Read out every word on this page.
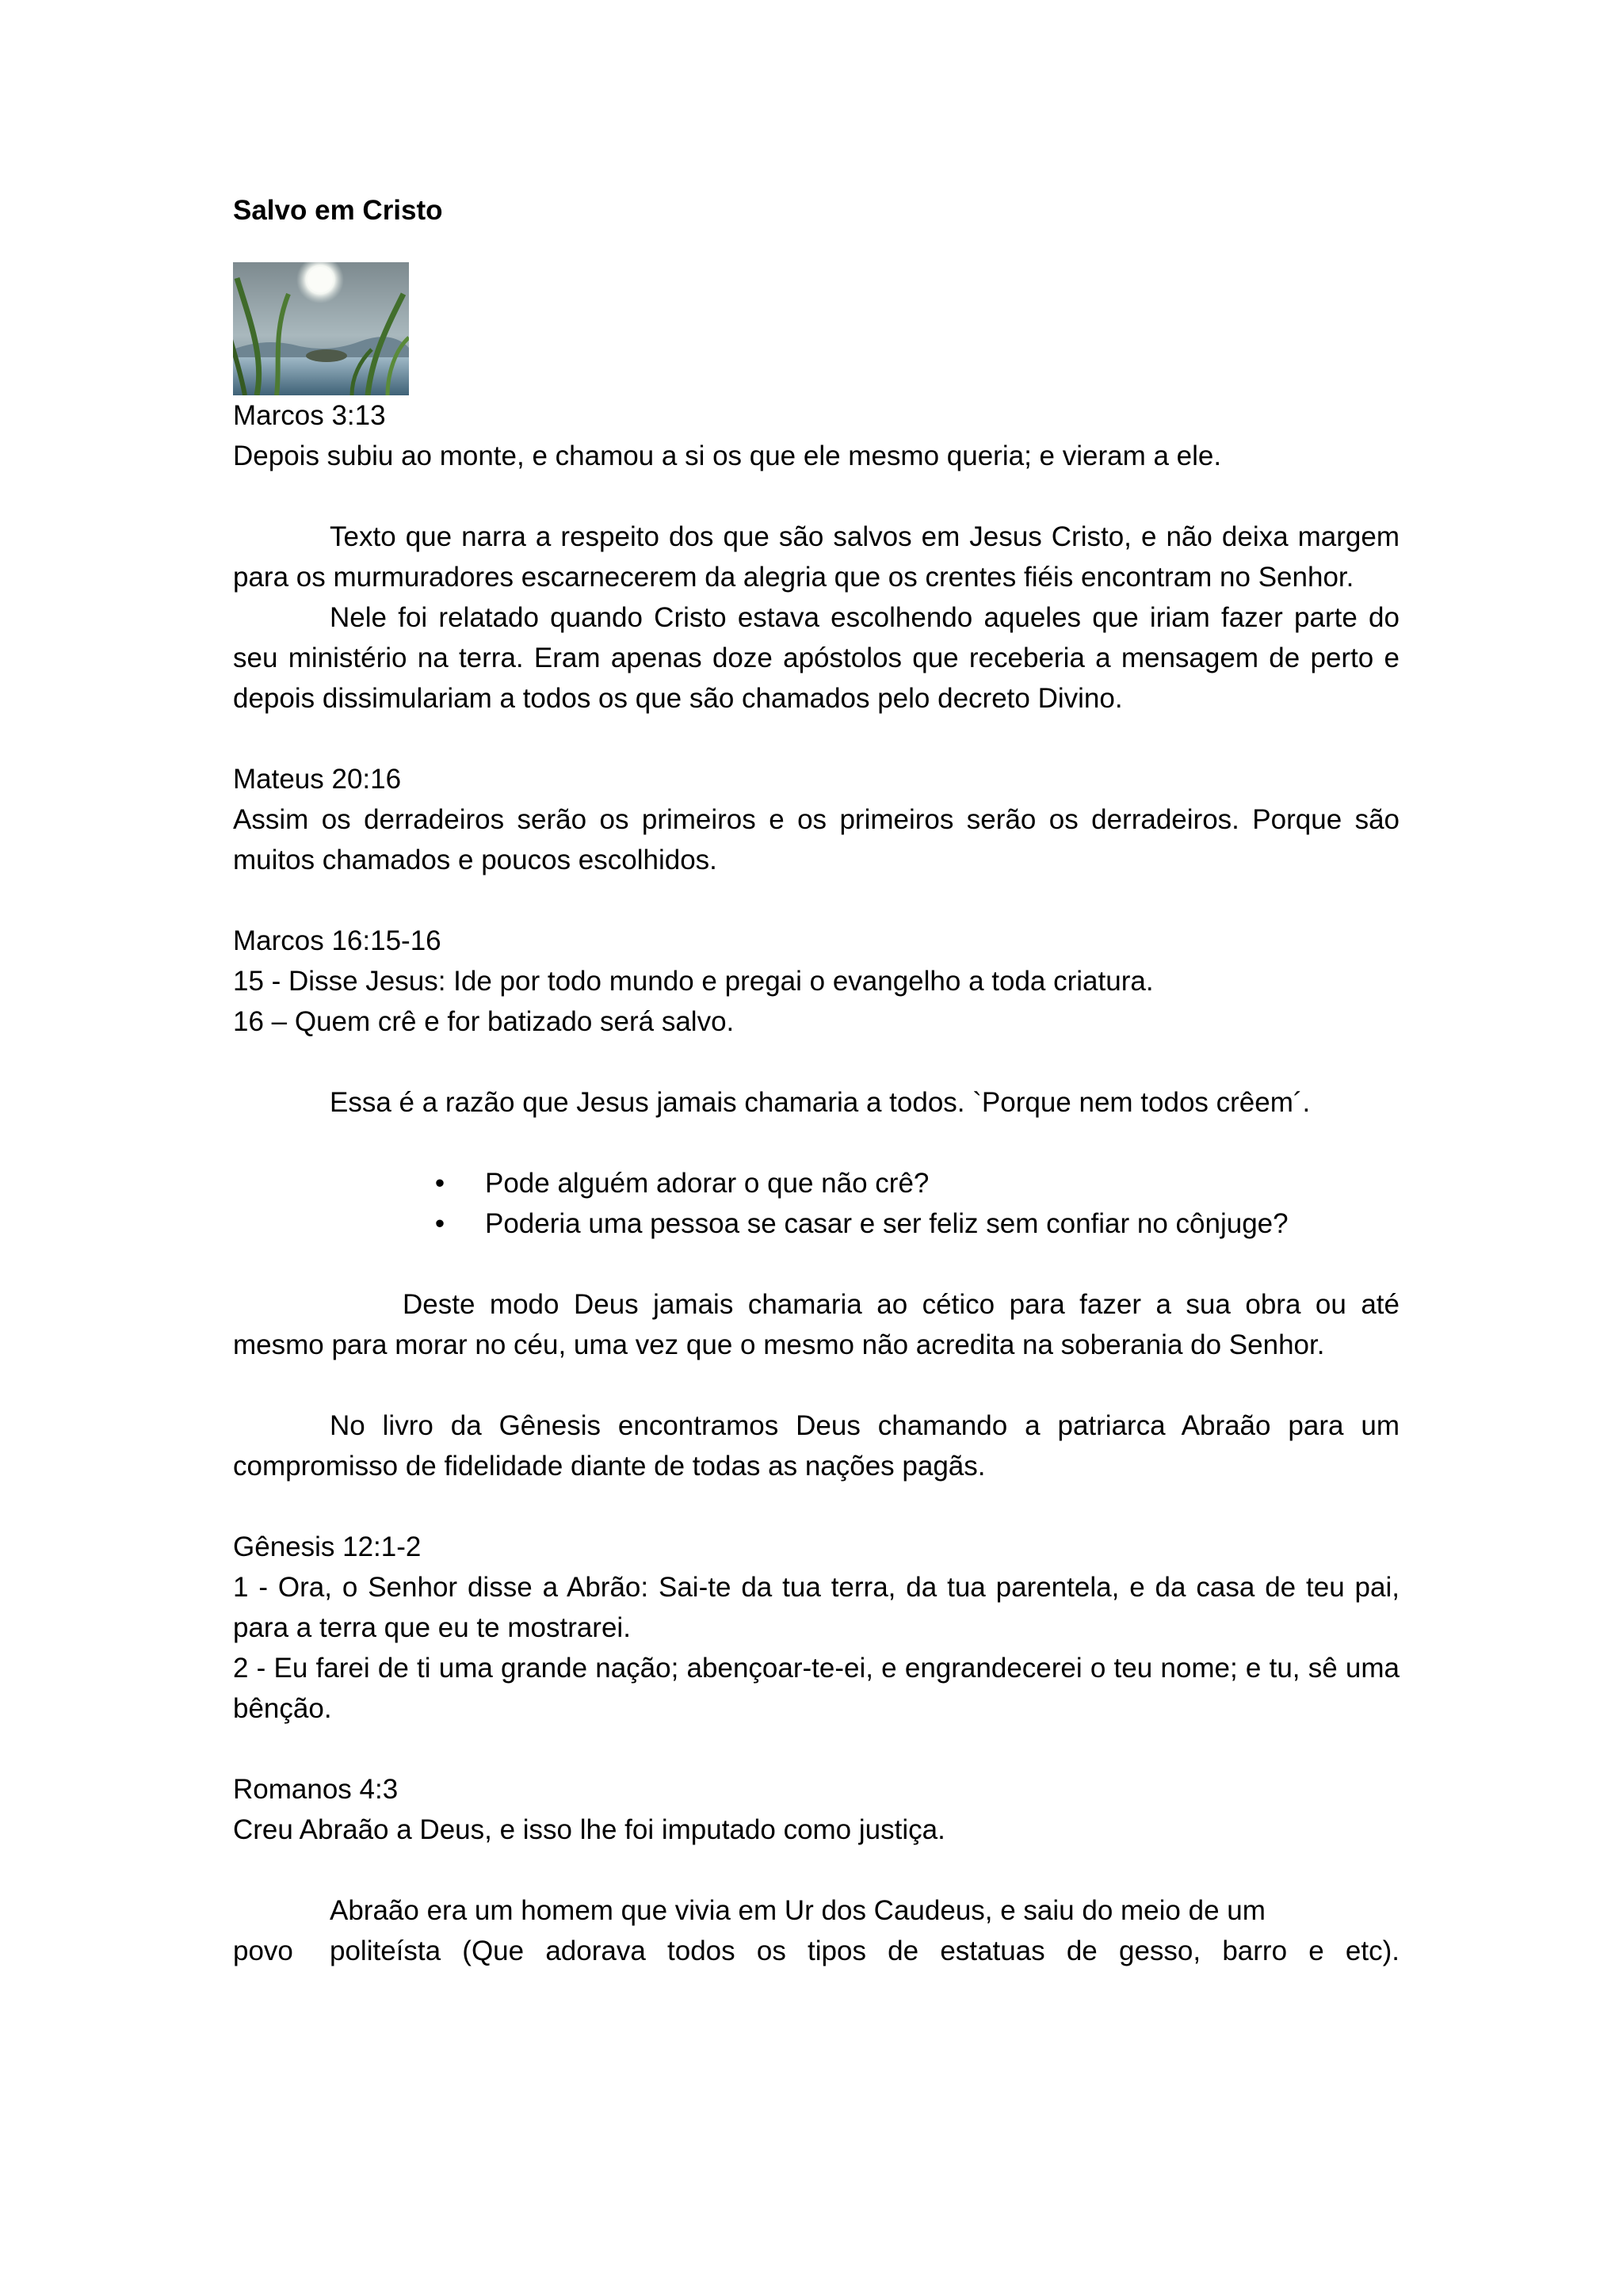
Salvo em Cristo

Marcos 3:13

Depois subiu ao monte, e chamou a si os que ele mesmo queria; e vieram a ele.

Texto que narra a respeito dos que são salvos em Jesus Cristo, e não deixa margem para os murmuradores escarnecerem da alegria que os crentes fiéis encontram no Senhor.

Nele foi relatado quando Cristo estava escolhendo aqueles que iriam fazer parte do seu ministério na terra. Eram apenas doze apóstolos que receberia a mensagem de perto e depois dissimulariam a todos os que são chamados pelo decreto Divino.

Mateus 20:16

Assim os derradeiros serão os primeiros e os primeiros serão os derradeiros. Porque são muitos chamados e poucos escolhidos.

Marcos 16:15-16

15 - Disse Jesus: Ide por todo mundo e pregai o evangelho a toda criatura.

16 – Quem crê e for batizado será salvo.

Essa é a razão que Jesus jamais chamaria a todos. `Porque nem todos crêem´.

• Pode alguém adorar o que não crê?
• Poderia uma pessoa se casar e ser feliz sem confiar no cônjuge?

Deste modo Deus jamais chamaria ao cético para fazer a sua obra ou até mesmo para morar no céu, uma vez que o mesmo não acredita na soberania do Senhor.

No livro da Gênesis encontramos Deus chamando a patriarca Abraão para um compromisso de fidelidade diante de todas as nações pagãs.

Gênesis 12:1-2

1 - Ora, o Senhor disse a Abrão: Sai-te da tua terra, da tua parentela, e da casa de teu pai, para a terra que eu te mostrarei.

2 - Eu farei de ti uma grande nação; abençoar-te-ei, e engrandecerei o teu nome; e tu, sê uma bênção.

Romanos 4:3

Creu Abraão a Deus, e isso lhe foi imputado como justiça.

Abraão era um homem que vivia em Ur dos Caudeus, e saiu do meio de um

povo	politeísta (Que adorava todos os tipos de estatuas de gesso, barro e etc).
